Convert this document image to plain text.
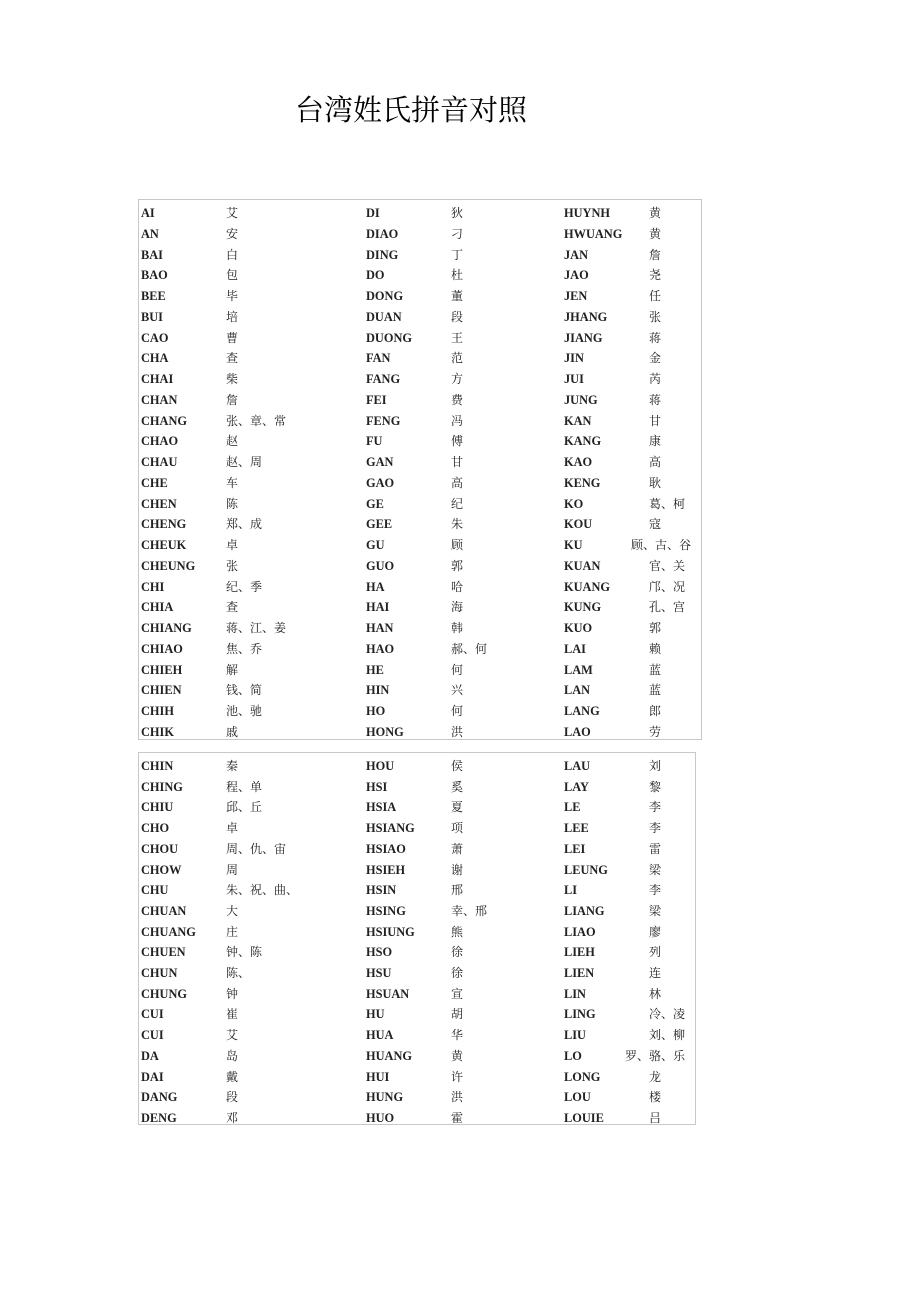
台湾姓氏拼音对照
AI	艾	DI	狄	HUYNH	黄
AN	安	DIAO	刁	HWUANG 黄
BAI	白	DING	丁	JAN	詹
BAO	包	DO	杜	JAO	尧
BEE	毕	DONG	董	JEN	任
BUI	培	DUAN	段	JHANG	张
CAO	曹	DUONG	王	JIANG	蒋
CHA	查	FAN	范	JIN	金
CHAI	柴	FANG	方	JUI	芮
CHAN	詹	FEI	费	JUNG	蒋
CHANG	张、章、常	FENG	冯	KAN	甘
CHAO	赵	FU	傅	KANG	康
CHAU	赵、周	GAN	甘	KAO	高
CHE	车	GAO	高	KENG	耿
CHEN	陈	GE	纪	KO	葛、柯
CHENG	郑、成	GEE	朱	KOU	寇
CHEUK	卓	GU	顾	KU	顾、古、谷
CHEUNG	张	GUO	郭	KUAN	官、关
CHI	纪、季	HA	哈	KUANG	邝、况
CHIA	查	HAI	海	KUNG	孔、宫
CHIANG	蒋、江、姜	HAN	韩	KUO	郭
CHIAO	焦、乔	HAO	郝、何	LAI	赖
CHIEH	解	HE	何	LAM	蓝
CHIEN	钱、简	HIN	兴	LAN	蓝
CHIH	池、驰	HO	何	LANG	郎
CHIK	戚	HONG	洪	LAO	劳
CHIN	秦	HOU	侯	LAU	刘
CHING	程、单	HSI	奚	LAY	黎
CHIU	邱、丘	HSIA	夏	LE	李
CHO	卓	HSIANG	项	LEE	李
CHOU	周、仇、宙	HSIAO	萧	LEI	雷
CHOW	周	HSIEH	谢	LEUNG	梁
CHU	朱、祝、曲、	HSIN	邢	LI	李
CHUAN	大	HSING	幸、邢	LIANG	梁
CHUANG	庄	HSIUNG	熊	LIAO	廖
CHUEN	钟、陈	HSO	徐	LIEH	列
CHUN	陈、	HSU	徐	LIEN	连
CHUNG	钟	HSUAN	宣	LIN	林
CUI	崔	HU	胡	LING	冷、凌
CUI	艾	HUA	华	LIU	刘、柳
DA	岛	HUANG	黄	LO	罗、骆、乐
DAI	戴	HUI	许	LONG	龙
DANG	段	HUNG	洪	LOU	楼
DENG	邓	HUO	霍	LOUIE	吕
